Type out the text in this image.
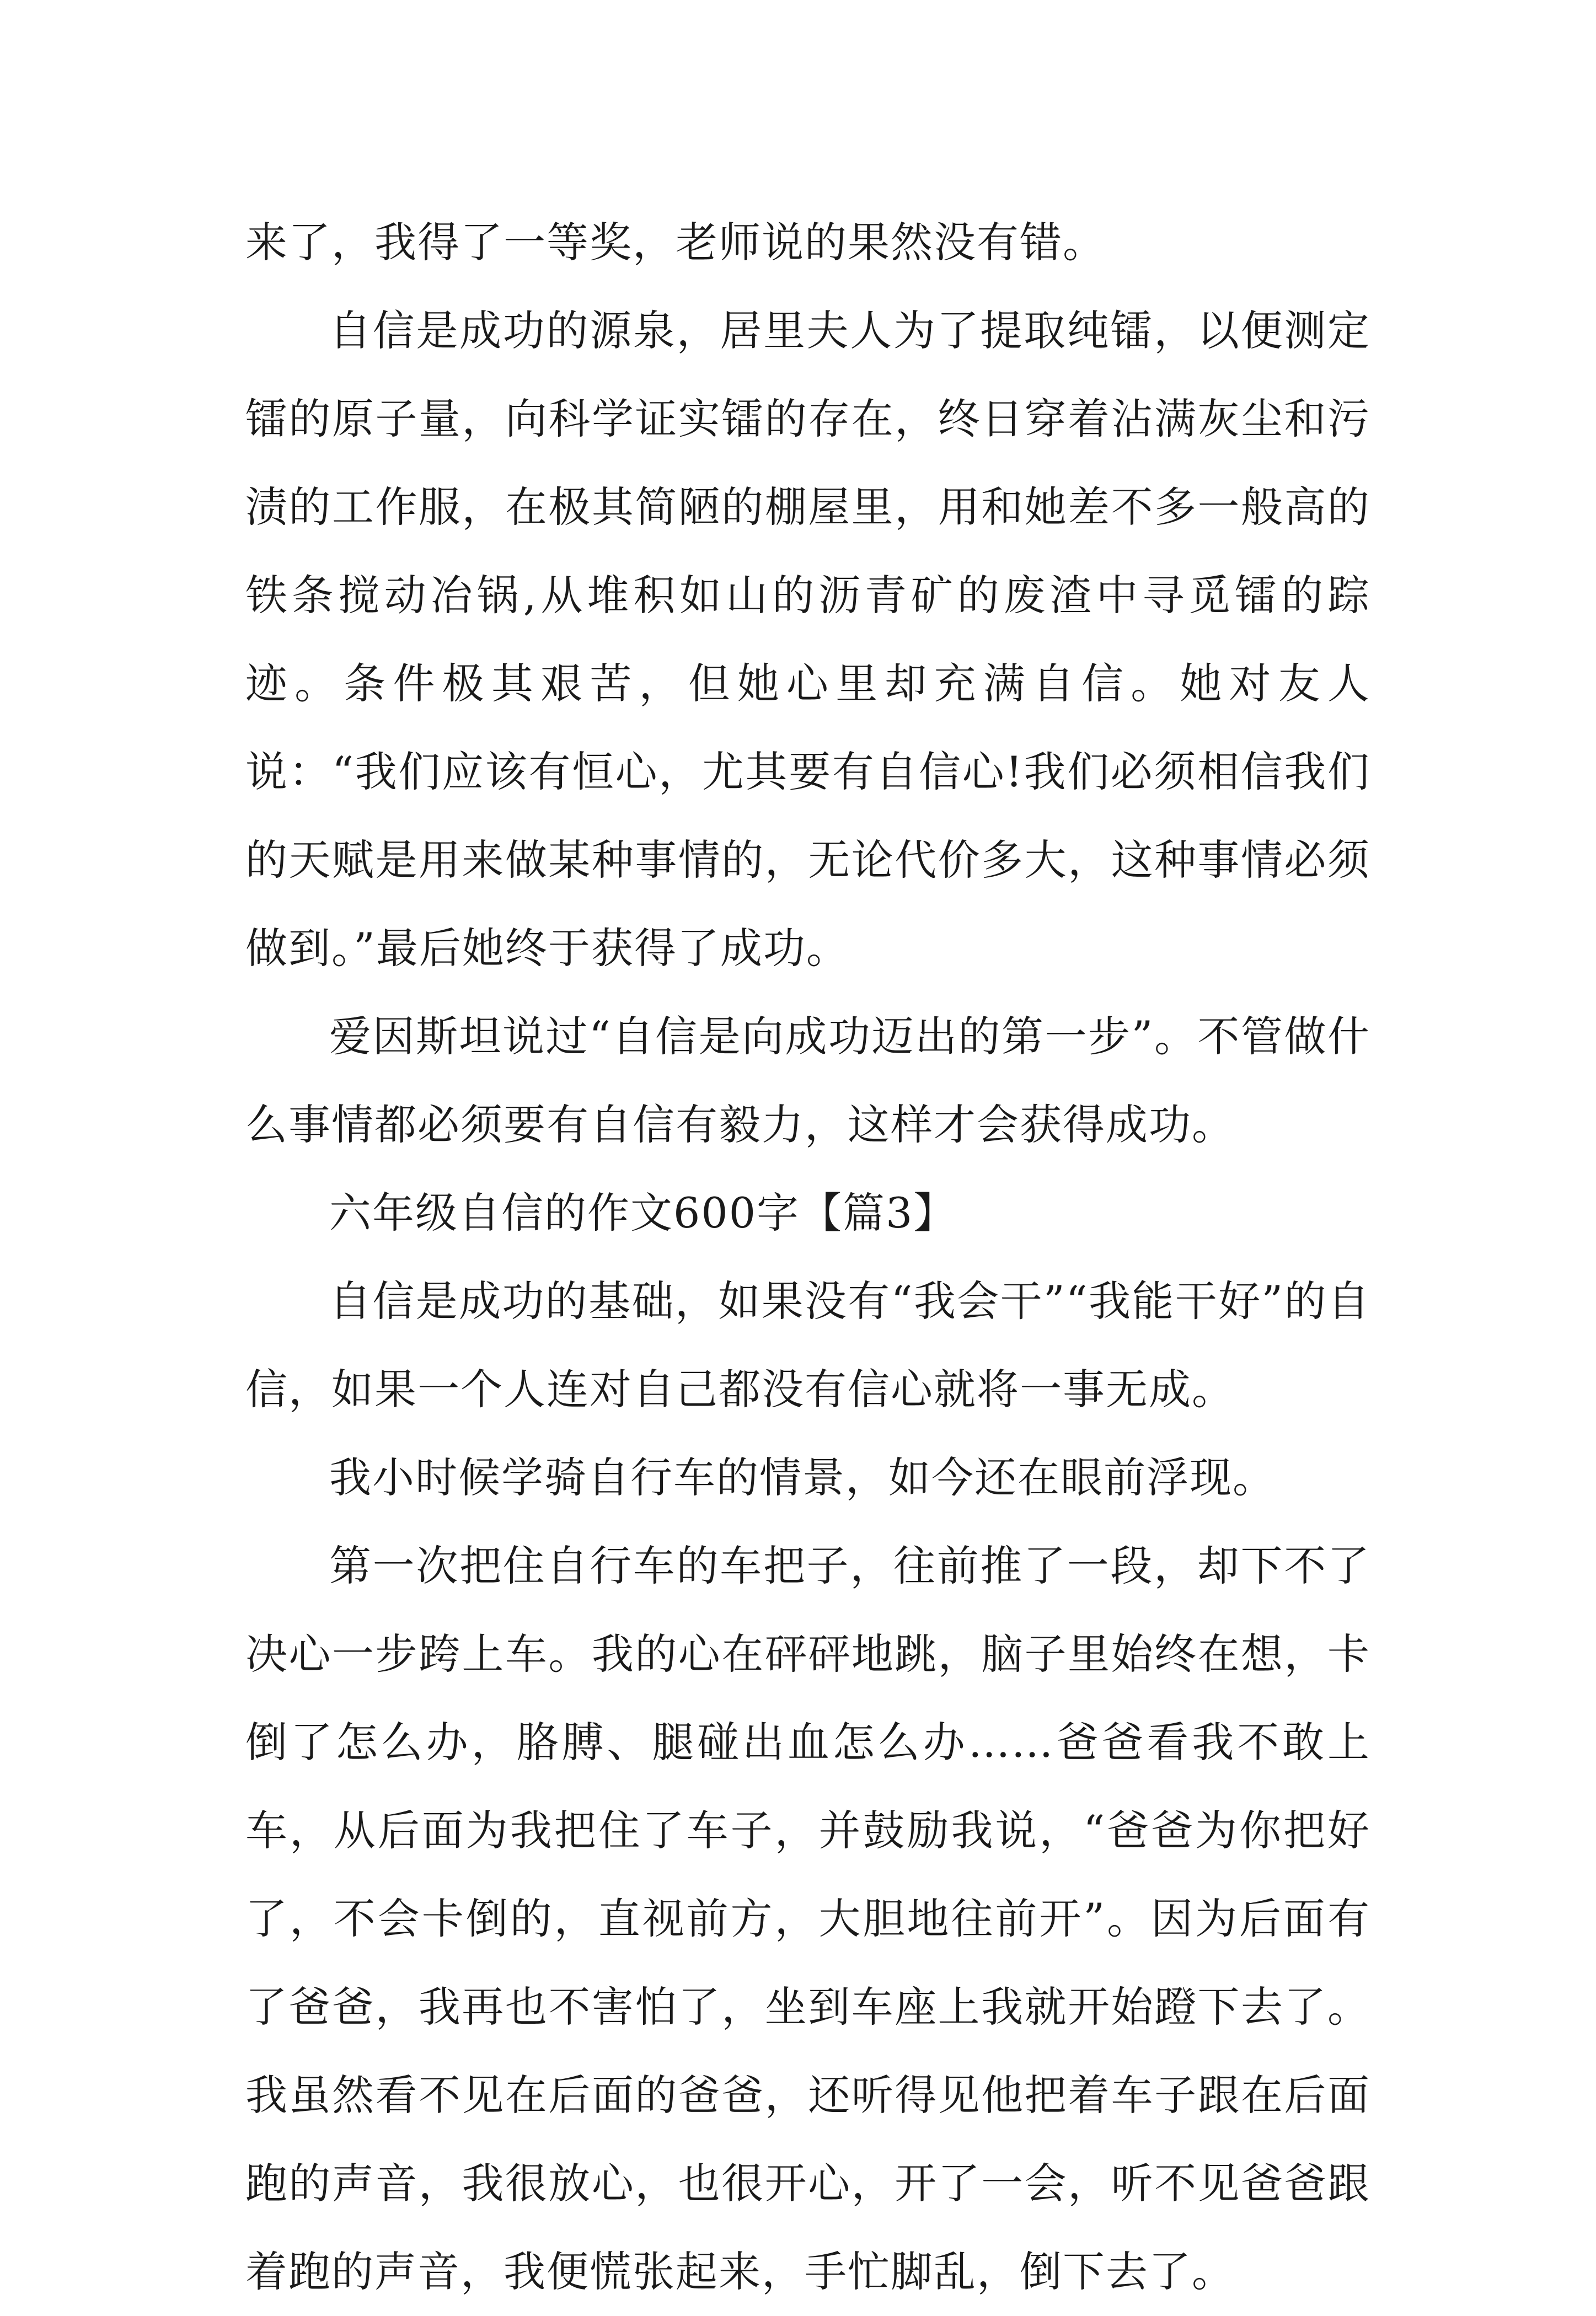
来了，我得了一等奖，老师说的果然没有错。

自信是成功的源泉，居里夫人为了提取纯镭，以便测定镭的原子量，向科学证实镭的存在，终日穿着沾满灰尘和污渍的工作服，在极其简陋的棚屋里，用和她差不多一般高的铁条搅动冶锅,从堆积如山的沥青矿的废渣中寻觅镭的踪迹。条件极其艰苦，但她心里却充满自信。她对友人说：“我们应该有恒心，尤其要有自信心!我们必须相信我们的天赋是用来做某种事情的，无论代价多大，这种事情必须做到。”最后她终于获得了成功。

爱因斯坦说过“自信是向成功迈出的第一步”。不管做什么事情都必须要有自信有毅力，这样才会获得成功。

六年级自信的作文600字【篇3】

自信是成功的基础，如果没有“我会干”“我能干好”的自信，如果一个人连对自己都没有信心就将一事无成。

我小时候学骑自行车的情景，如今还在眼前浮现。

第一次把住自行车的车把子，往前推了一段，却下不了决心一步跨上车。我的心在砰砰地跳，脑子里始终在想，卡倒了怎么办，胳膊、腿碰出血怎么办……爸爸看我不敢上车，从后面为我把住了车子，并鼓励我说，“爸爸为你把好了，不会卡倒的，直视前方，大胆地往前开”。因为后面有了爸爸，我再也不害怕了，坐到车座上我就开始蹬下去了。我虽然看不见在后面的爸爸，还听得见他把着车子跟在后面跑的声音，我很放心，也很开心，开了一会，听不见爸爸跟着跑的声音，我便慌张起来，手忙脚乱，倒下去了。
